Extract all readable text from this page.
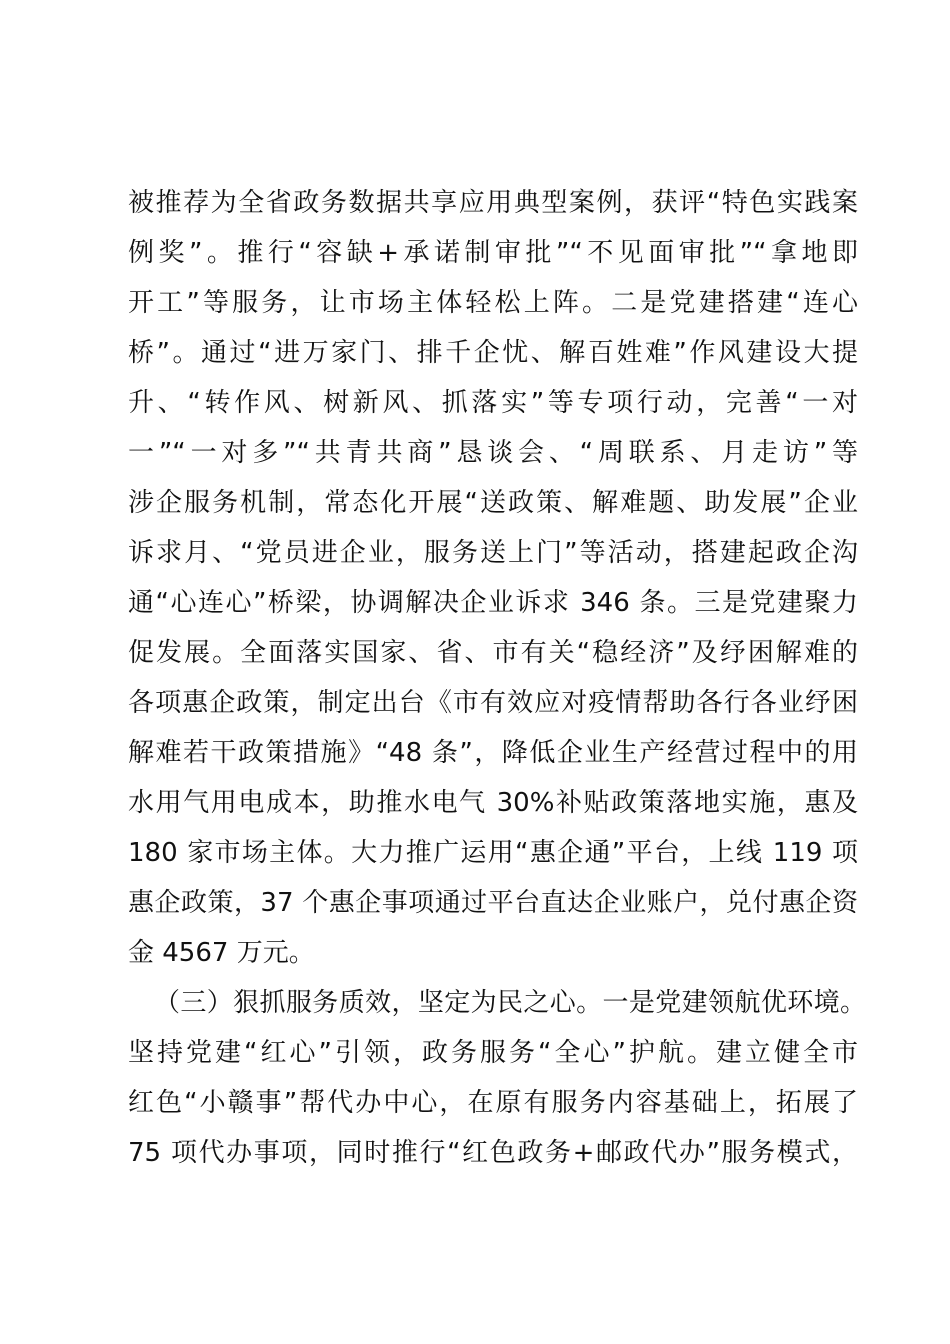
被推荐为全省政务数据共享应用典型案例，获评“特色实践案
例奖”。推行“容缺+承诺制审批”“不见面审批”“拿地即
开工”等服务，让市场主体轻松上阵。二是党建搭建“连心
桥”。通过“进万家门、排千企忧、解百姓难”作风建设大提
升、“转作风、树新风、抓落实”等专项行动，完善“一对
一”“一对多”“共青共商”恳谈会、“周联系、月走访”等
涉企服务机制，常态化开展“送政策、解难题、助发展”企业
诉求月、“党员进企业，服务送上门”等活动，搭建起政企沟
通“心连心”桥梁，协调解决企业诉求 346 条。三是党建聚力
促发展。全面落实国家、省、市有关“稳经济”及纾困解难的
各项惠企政策，制定出台《市有效应对疫情帮助各行各业纾困
解难若干政策措施》“48 条”，降低企业生产经营过程中的用
水用气用电成本，助推水电气 30%补贴政策落地实施，惠及
180 家市场主体。大力推广运用“惠企通”平台，上线 119 项
惠企政策，37 个惠企事项通过平台直达企业账户，兑付惠企资
金 4567 万元。
（三）狠抓服务质效，坚定为民之心。一是党建领航优环境。
坚持党建“红心”引领，政务服务“全心”护航。建立健全市
红色“小赣事”帮代办中心，在原有服务内容基础上，拓展了
75 项代办事项，同时推行“红色政务+邮政代办”服务模式，
